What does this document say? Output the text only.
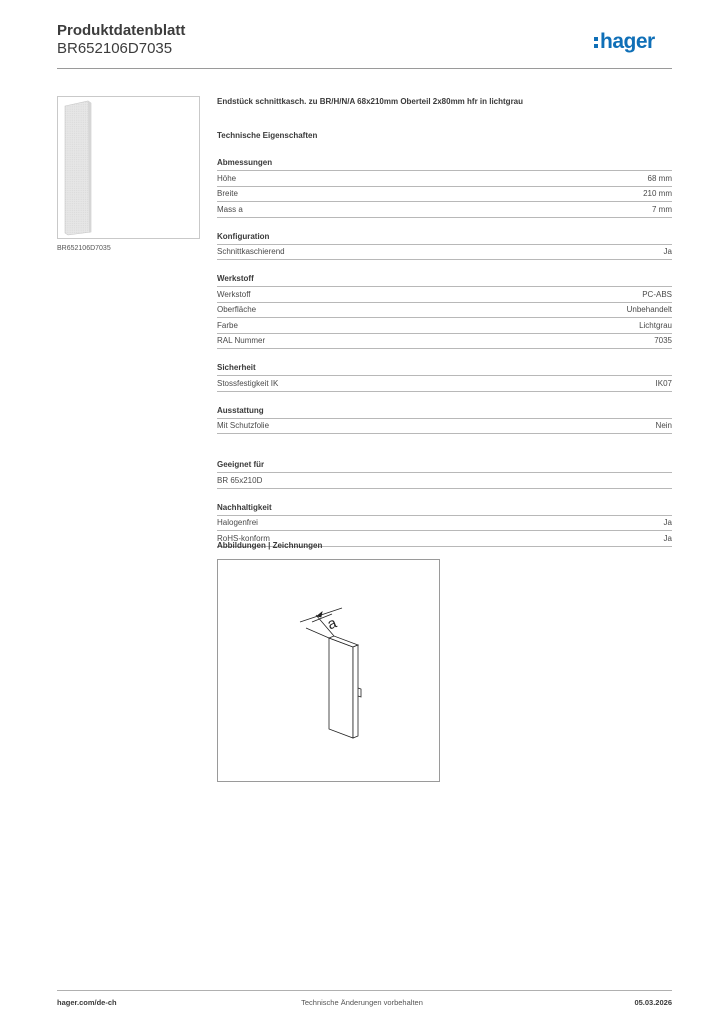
Produktdatenblatt
BR652106D7035	hager
BR652106D7035

Endstück schnittkasch. zu BR/H/N/A 68x210mm Oberteil 2x80mm hfr in lichtgrau

Technische Eigenschaften
Abmessungen
Höhe	68 mm
Breite	210 mm
Mass a	7 mm
Konfiguration
Schnittkaschierend	Ja
Werkstoff
Werkstoff	PC-ABS
Oberfläche	Unbehandelt
Farbe	Lichtgrau
RAL Nummer	7035
Sicherheit
Stossfestigkeit IK	IK07
Ausstattung
Mit Schutzfolie	Nein
Geeignet für
BR 65x210D
Nachhaltigkeit
Halogenfrei	Ja
RoHS-konform	Ja
Abbildungen | Zeichnungen
a
hager.com/de-ch	Technische Änderungen vorbehalten	05.03.2026
